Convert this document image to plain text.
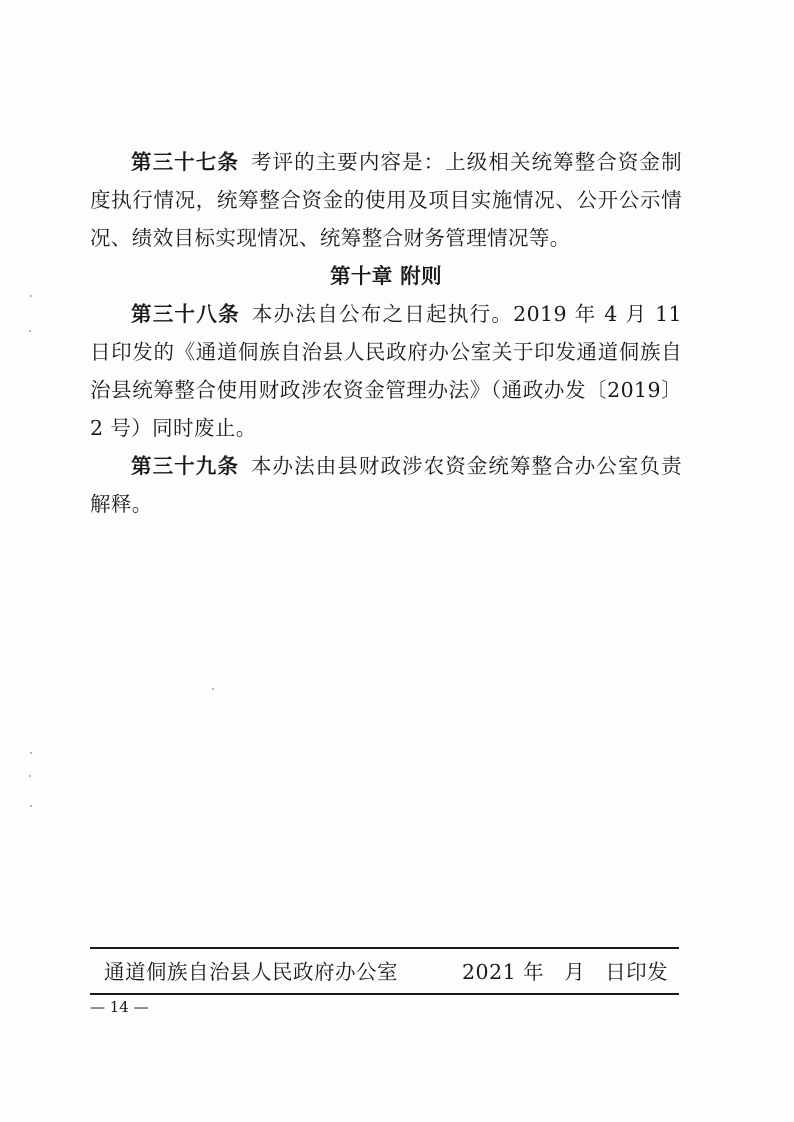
第三十七条 考评的主要内容是：上级相关统筹整合资金制度执行情况，统筹整合资金的使用及项目实施情况、公开公示情况、绩效目标实现情况、统筹整合财务管理情况等。

第十章 附则

第三十八条 本办法自公布之日起执行。2019 年 4 月 11 日印发的《通道侗族自治县人民政府办公室关于印发通道侗族自治县统筹整合使用财政涉农资金管理办法》（通政办发〔2019〕2 号）同时废止。

第三十九条 本办法由县财政涉农资金统筹整合办公室负责解释。

通道侗族自治县人民政府办公室	2021 年 月 日印发
— 14 —
